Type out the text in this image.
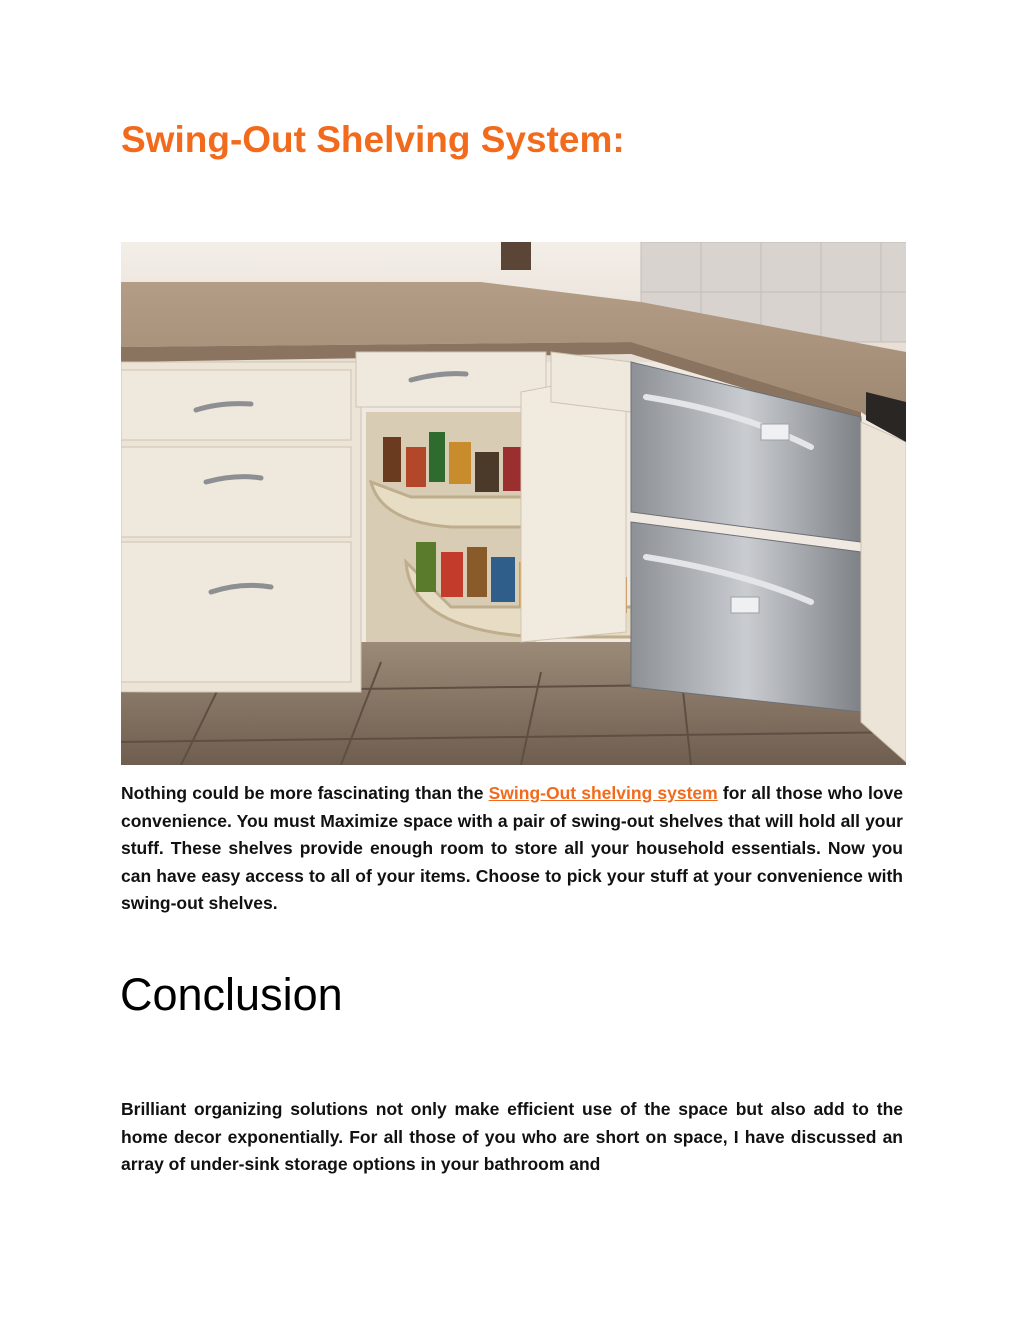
Swing-Out Shelving System:

Nothing could be more fascinating than the Swing-Out shelving system for all those who love convenience. You must Maximize space with a pair of swing-out shelves that will hold all your stuff. These shelves provide enough room to store all your household essentials. Now you can have easy access to all of your items. Choose to pick your stuff at your convenience with swing-out shelves.

Conclusion

Brilliant organizing solutions not only make efficient use of the space but also add to the home decor exponentially. For all those of you who are short on space, I have discussed an array of under-sink storage options in your bathroom and
